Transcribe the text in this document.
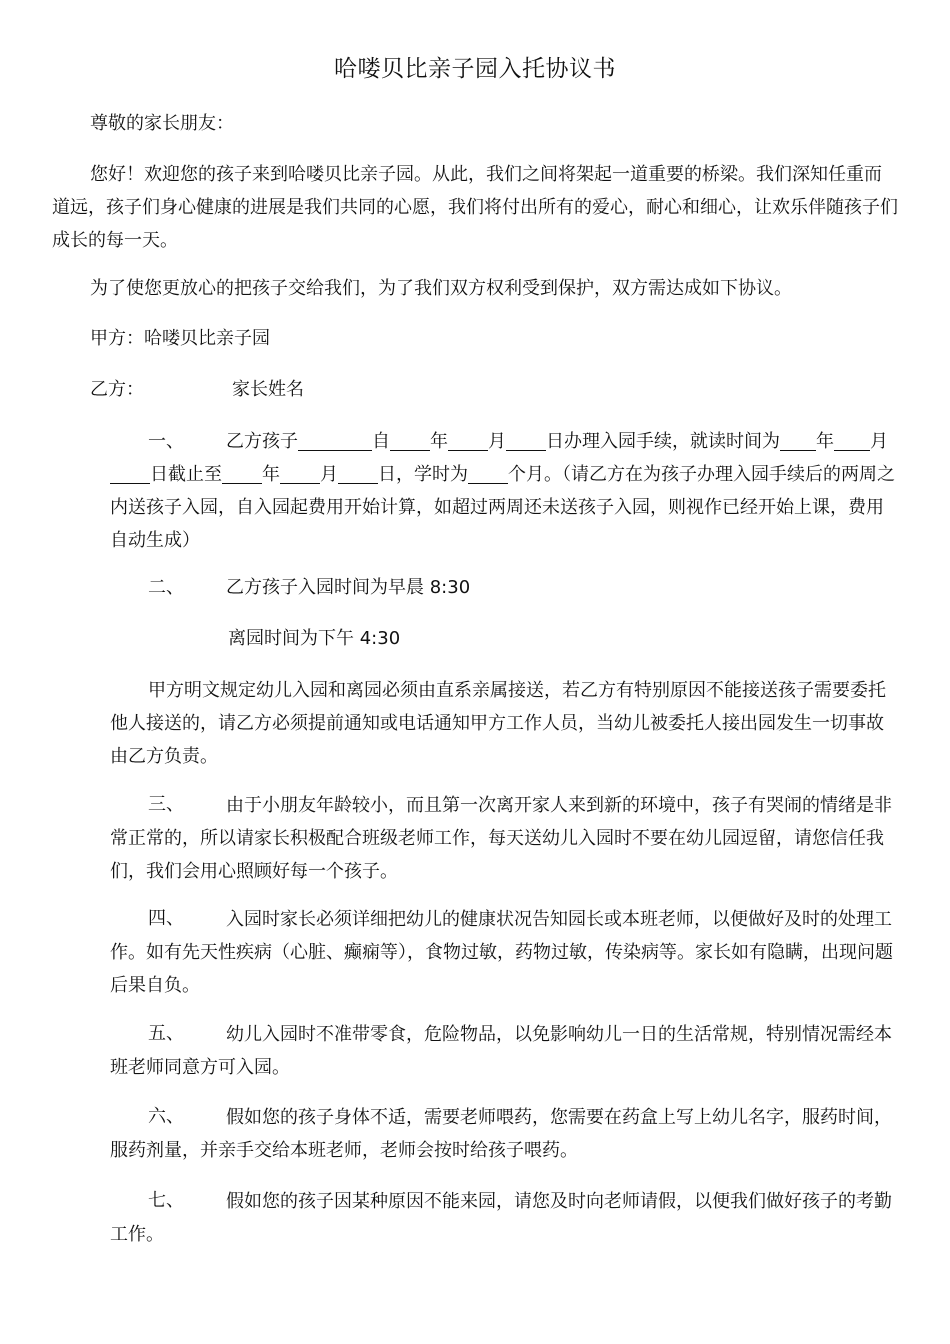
哈喽贝比亲子园入托协议书
尊敬的家长朋友：
您好！欢迎您的孩子来到哈喽贝比亲子园。从此，我们之间将架起一道重要的桥梁。我们深知任重而道远，孩子们身心健康的进展是我们共同的心愿，我们将付出所有的爱心，耐心和细心，让欢乐伴随孩子们成长的每一天。
为了使您更放心的把孩子交给我们，为了我们双方权利受到保护，双方需达成如下协议。
甲方：哈喽贝比亲子园
乙方：	家长姓名
一、	乙方孩子	自 年 月 日办理入园手续，就读时间为 年 月日截止至 年 月 日，学时为 个月。（请乙方在为孩子办理入园手续后的两周之内送孩子入园，自入园起费用开始计算，如超过两周还未送孩子入园，则视作已经开始上课，费用自动生成）
二、 乙方孩子入园时间为早晨 8:30
离园时间为下午 4:30
甲方明文规定幼儿入园和离园必须由直系亲属接送，若乙方有特别原因不能接送孩子需要委托他人接送的，请乙方必须提前通知或电话通知甲方工作人员，当幼儿被委托人接出园发生一切事故由乙方负责。
三、	由于小朋友年龄较小，而且第一次离开家人来到新的环境中，孩子有哭闹的情绪是非常正常的，所以请家长积极配合班级老师工作，每天送幼儿入园时不要在幼儿园逗留，请您信任我们，我们会用心照顾好每一个孩子。
四、	入园时家长必须详细把幼儿的健康状况告知园长或本班老师，以便做好及时的处理工作。如有先天性疾病（心脏、癫痫等），食物过敏，药物过敏，传染病等。家长如有隐瞒，出现问题后果自负。
五、	幼儿入园时不准带零食，危险物品，以免影响幼儿一日的生活常规，特别情况需经本班老师同意方可入园。
六、	假如您的孩子身体不适，需要老师喂药，您需要在药盒上写上幼儿名字，服药时间，服药剂量，并亲手交给本班老师，老师会按时给孩子喂药。
七、	假如您的孩子因某种原因不能来园，请您及时向老师请假，以便我们做好孩子的考勤工作。
